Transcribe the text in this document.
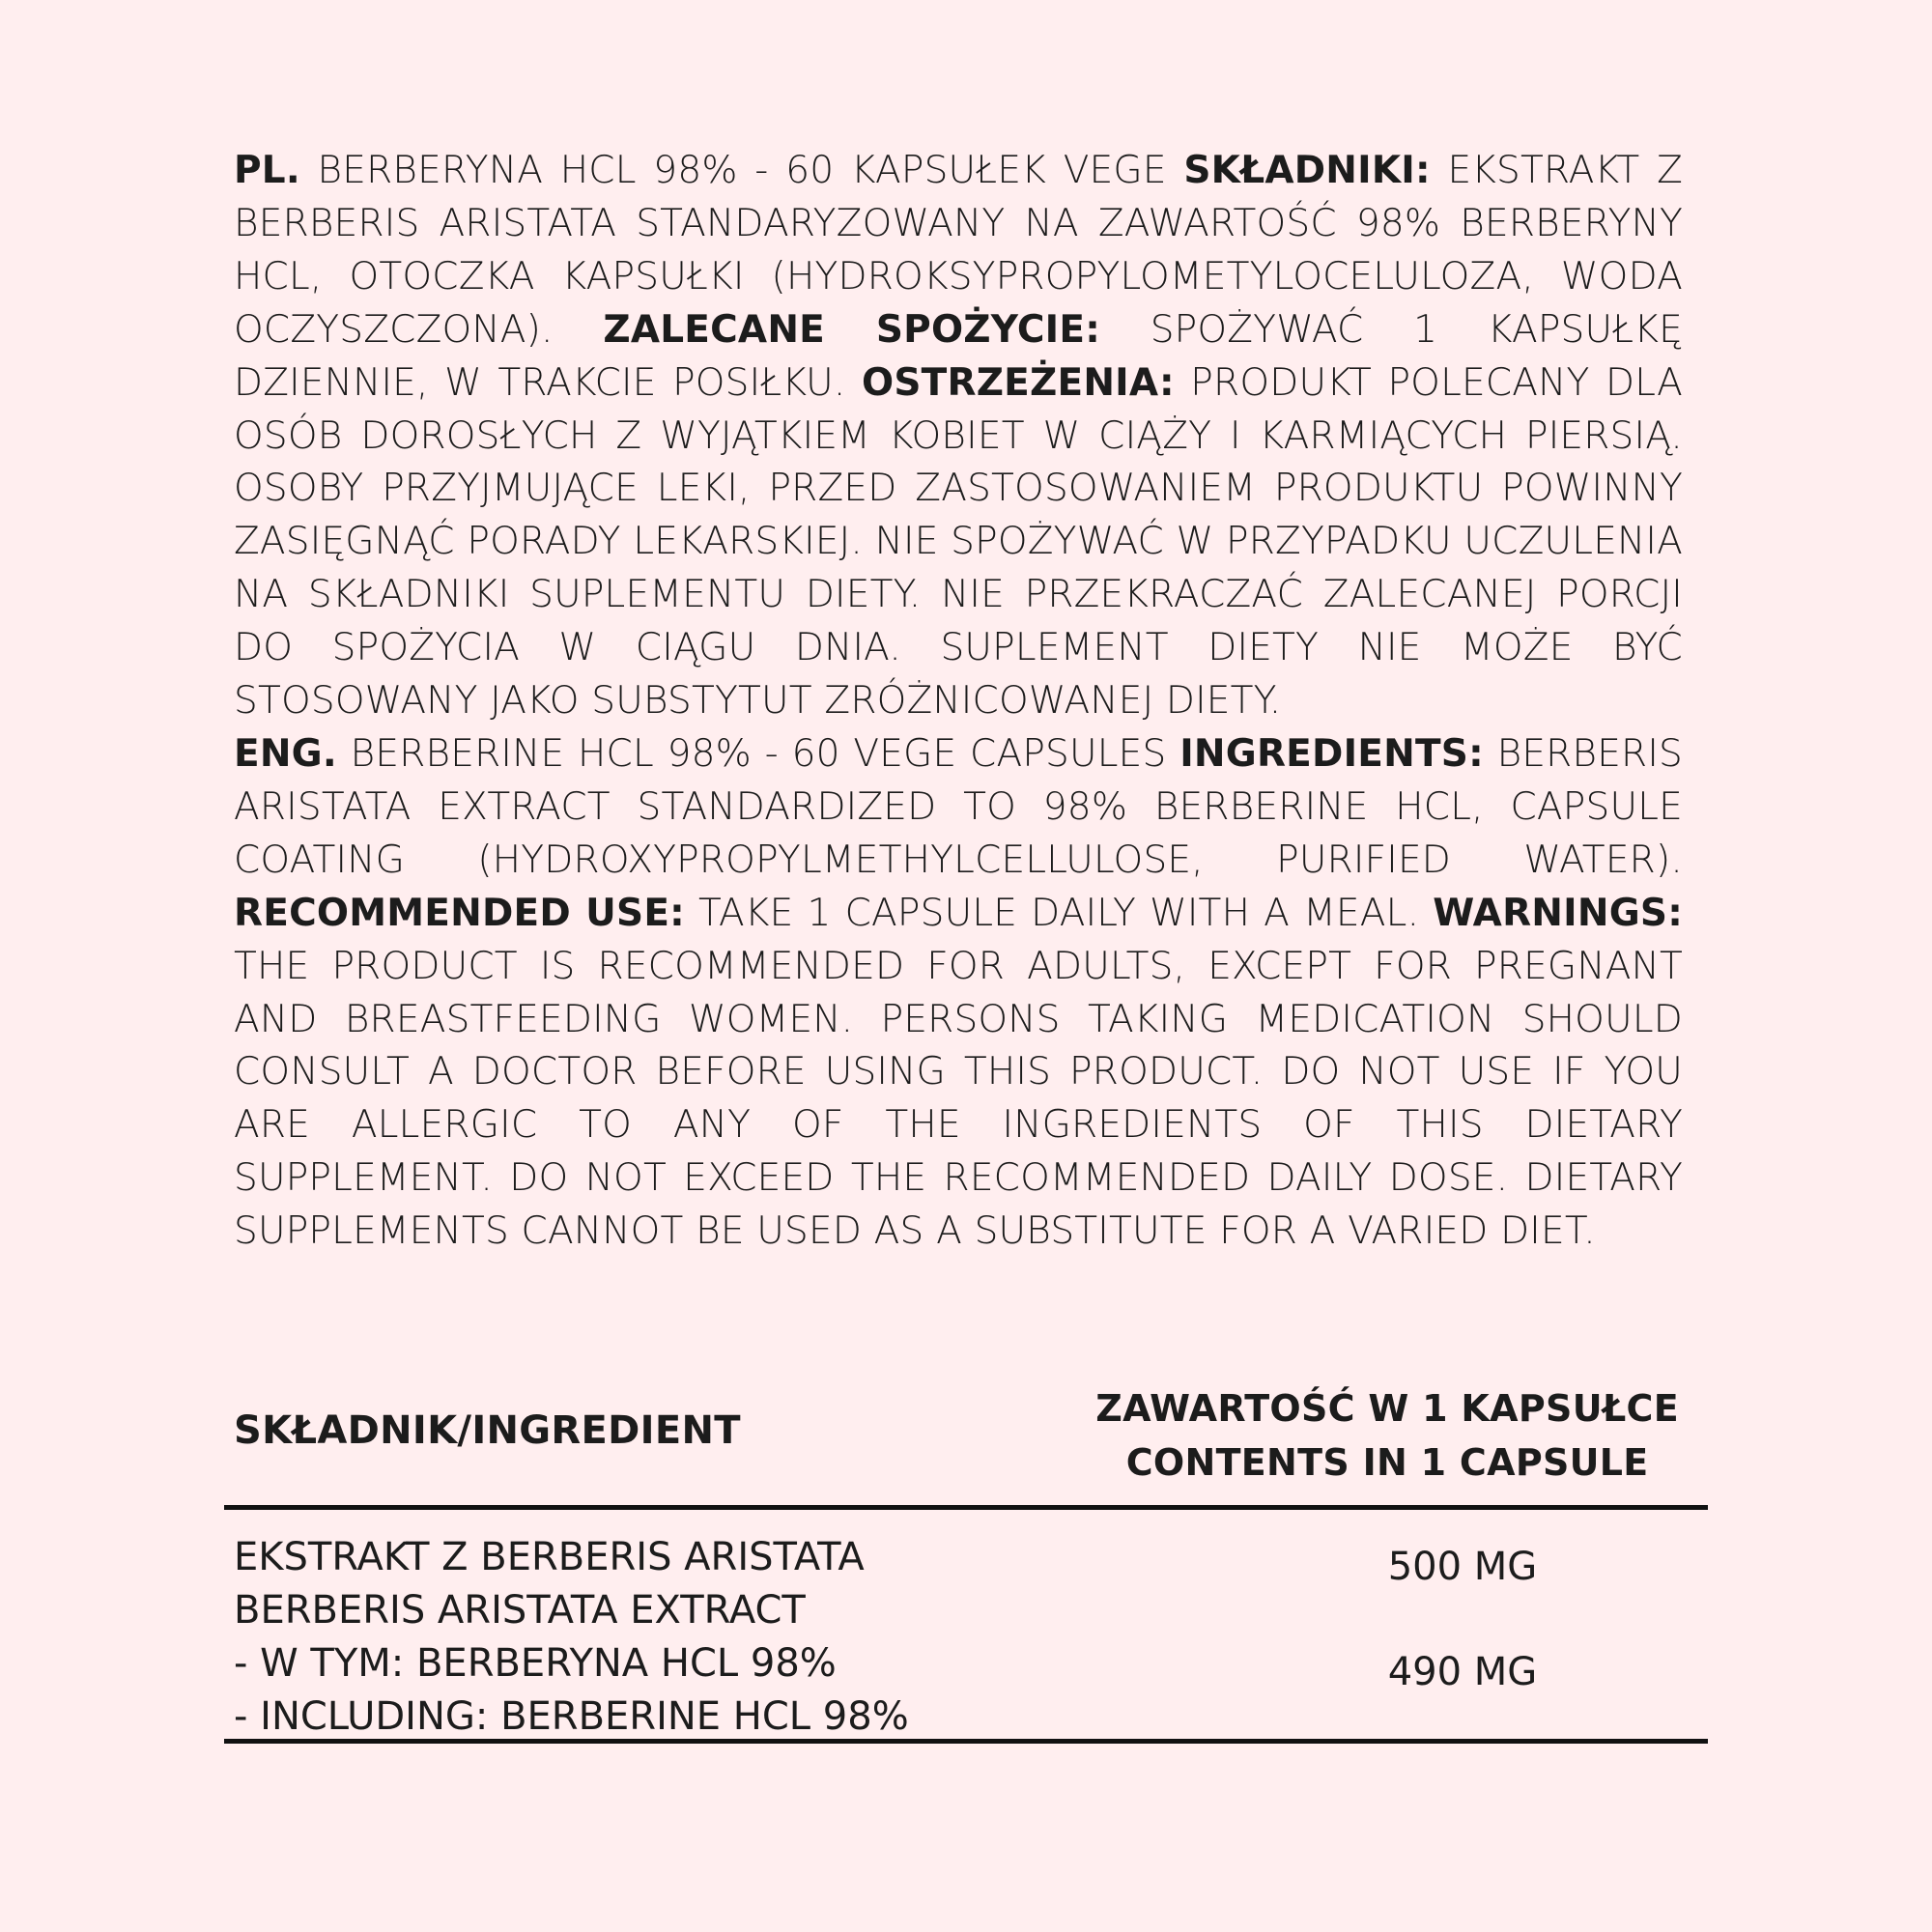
PL. BERBERYNA HCL 98% - 60 KAPSUŁEK VEGE SKŁADNIKI: EKSTRAKT Z BERBERIS ARISTATA STANDARYZOWANY NA ZAWARTOŚĆ 98% BERBERYNY HCL, OTOCZKA KAPSUŁKI (HYDROKSYPROPYLOMETYLOCELULOZA, WODA OCZYSZCZONA). ZALECANE SPOŻYCIE: SPOŻYWAĆ 1 KAPSUŁKĘ DZIENNIE, W TRAKCIE POSIŁKU. OSTRZEŻENIA: PRODUKT POLECANY DLA OSÓB DOROSŁYCH Z WYJĄTKIEM KOBIET W CIĄŻY I KARMIĄCYCH PIERSIĄ. OSOBY PRZYJMUJĄCE LEKI, PRZED ZASTOSOWANIEM PRODUKTU POWINNY ZASIĘGNĄĆ PORADY LEKARSKIEJ. NIE SPOŻYWAĆ W PRZYPADKU UCZULENIA NA SKŁADNIKI SUPLEMENTU DIETY. NIE PRZEKRACZAĆ ZALECANEJ PORCJI DO SPOŻYCIA W CIĄGU DNIA. SUPLEMENT DIETY NIE MOŻE BYĆ STOSOWANY JAKO SUBSTYTUT ZRÓŻNICOWANEJ DIETY.

ENG. BERBERINE HCL 98% - 60 VEGE CAPSULES INGREDIENTS: BERBERIS ARISTATA EXTRACT STANDARDIZED TO 98% BERBERINE HCL, CAPSULE COATING (HYDROXYPROPYLMETHYLCELLULOSE, PURIFIED WATER). RECOMMENDED USE: TAKE 1 CAPSULE DAILY WITH A MEAL. WARNINGS: THE PRODUCT IS RECOMMENDED FOR ADULTS, EXCEPT FOR PREGNANT AND BREASTFEEDING WOMEN. PERSONS TAKING MEDICATION SHOULD CONSULT A DOCTOR BEFORE USING THIS PRODUCT. DO NOT USE IF YOU ARE ALLERGIC TO ANY OF THE INGREDIENTS OF THIS DIETARY SUPPLEMENT. DO NOT EXCEED THE RECOMMENDED DAILY DOSE. DIETARY SUPPLEMENTS CANNOT BE USED AS A SUBSTITUTE FOR A VARIED DIET.

SKŁADNIK/INGREDIENT	ZAWARTOŚĆ W 1 KAPSUŁCE
CONTENTS IN 1 CAPSULE
EKSTRAKT Z BERBERIS ARISTATA
BERBERIS ARISTATA EXTRACT
- W TYM: BERBERYNA HCL 98%
- INCLUDING: BERBERINE HCL 98%
500 MG
490 MG
